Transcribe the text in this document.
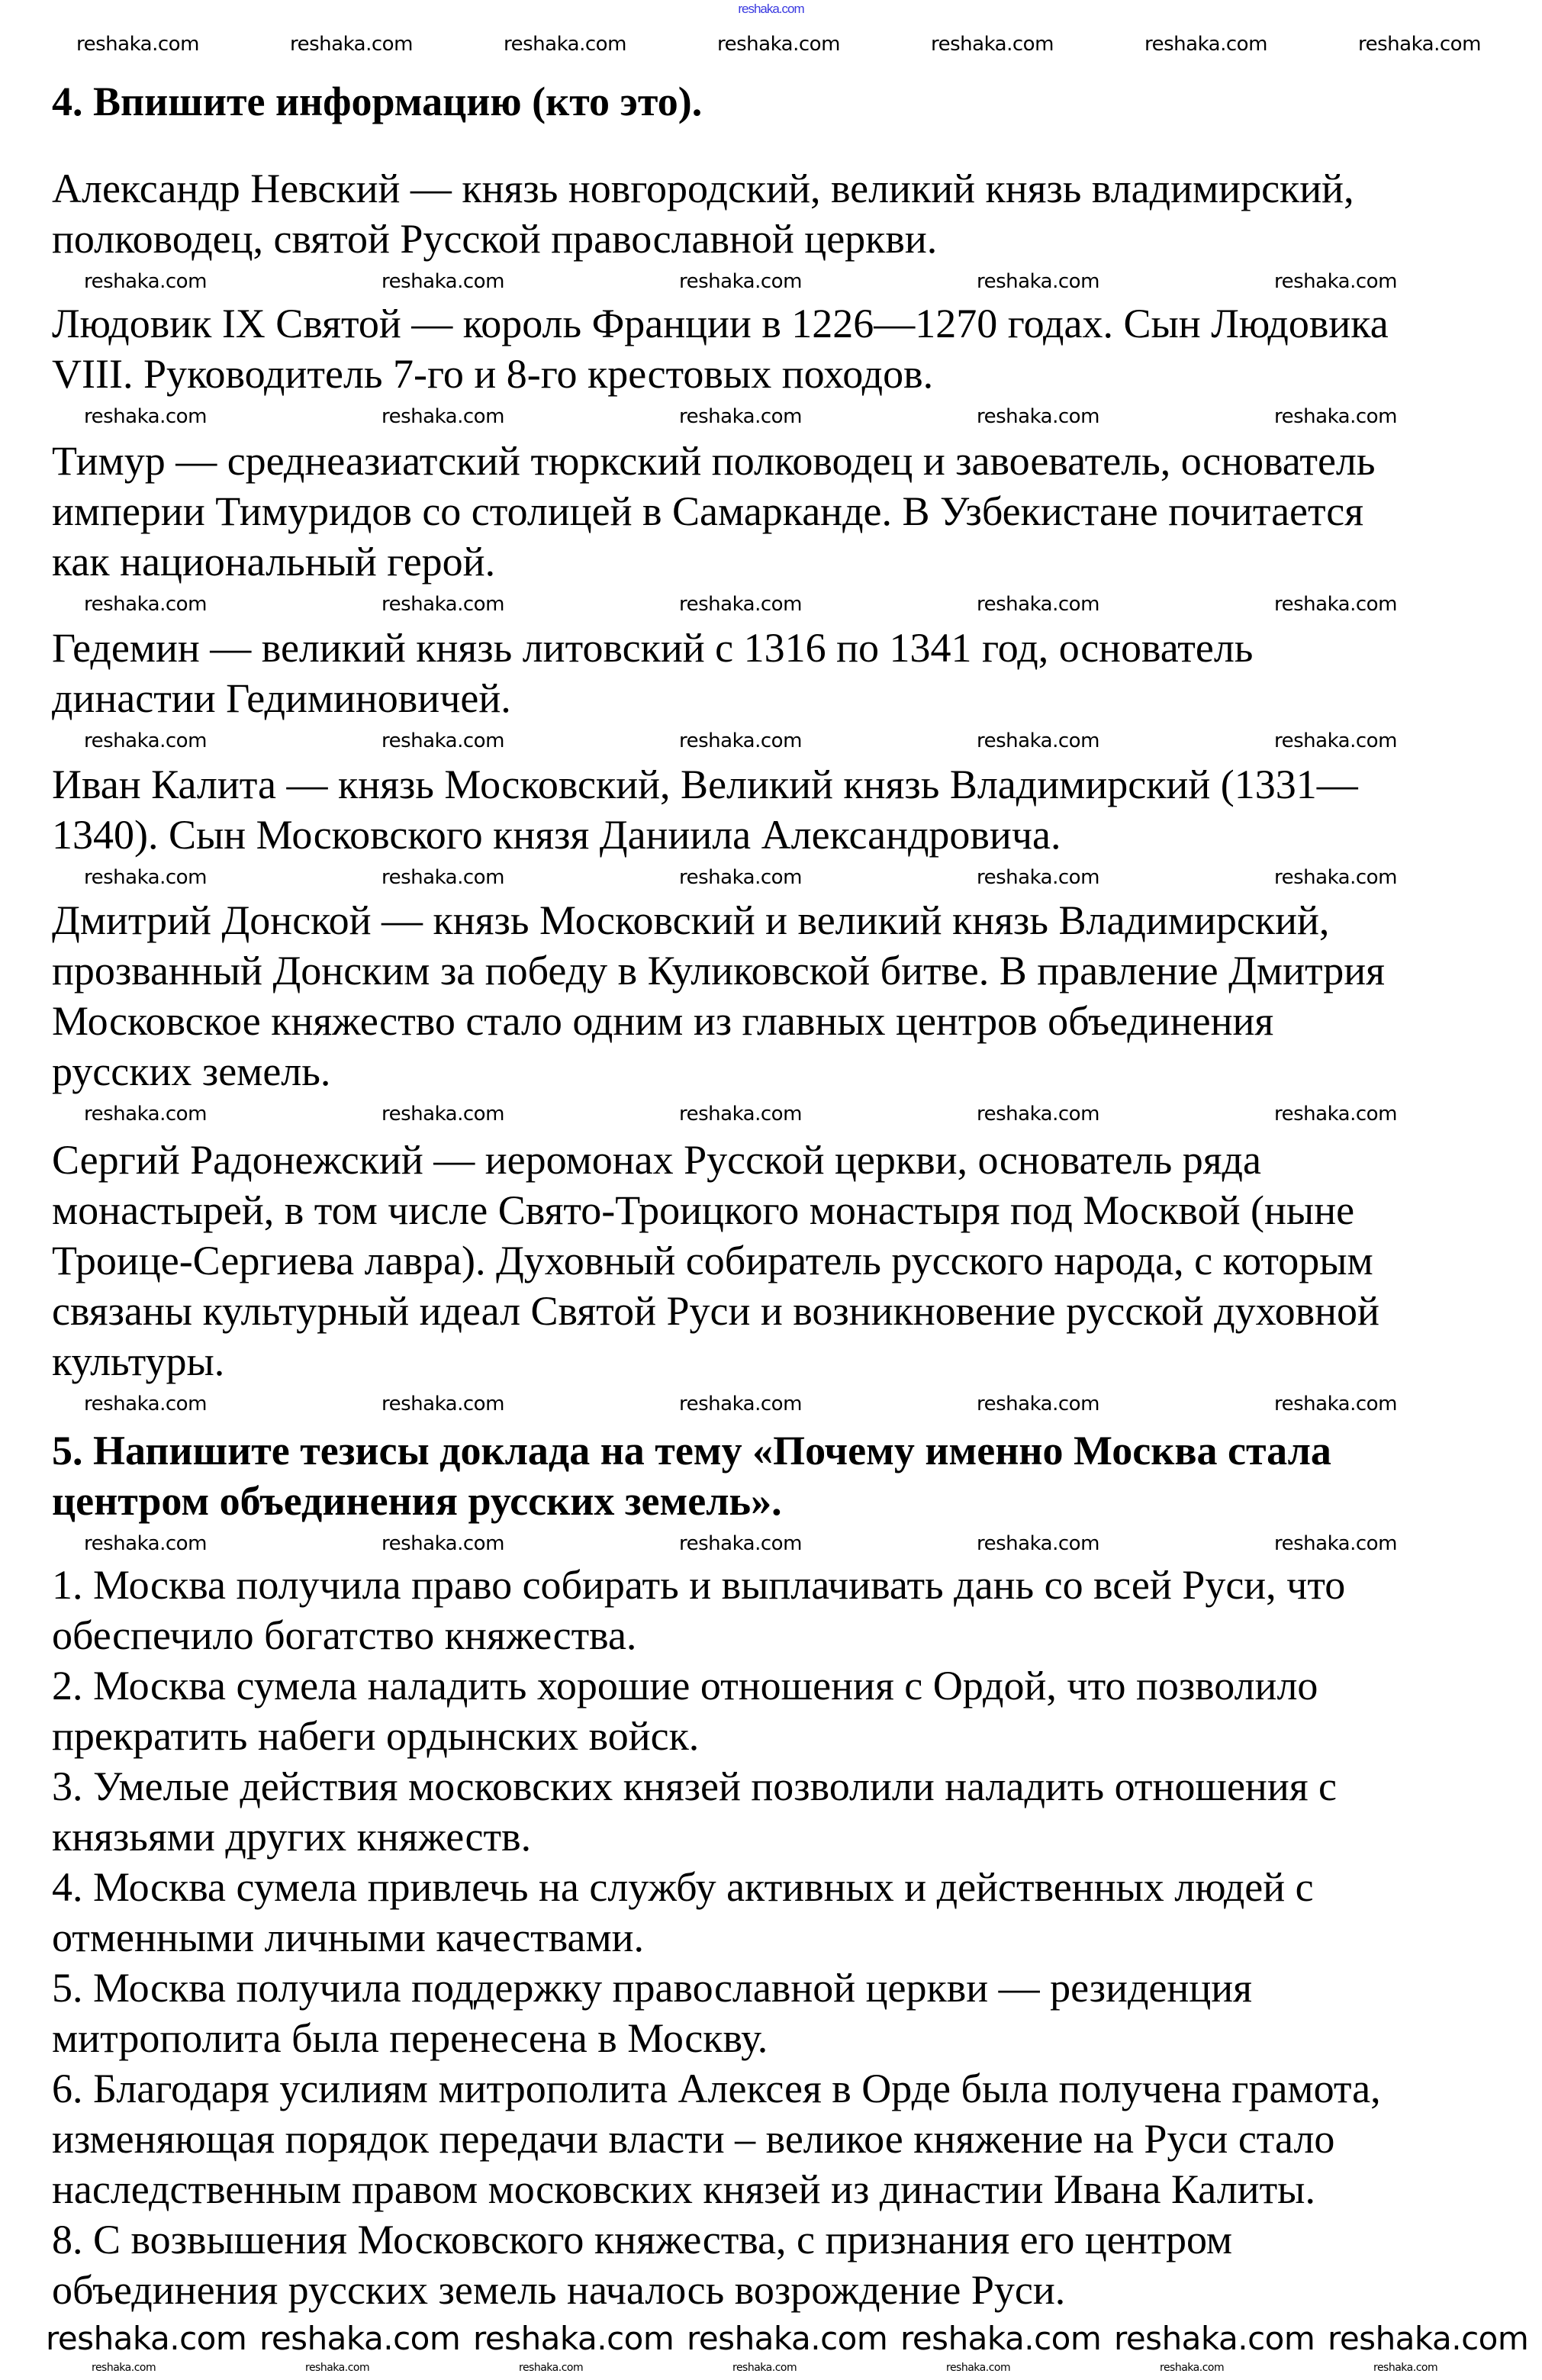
reshaka.com

4. Впишите информацию (кто это).

Александр Невский — князь новгородский, великий князь владимирский,
полководец, святой Русской православной церкви.

Людовик IX Святой — король Франции в 1226—1270 годах. Сын Людовика
VIII. Руководитель 7-го и 8-го крестовых походов.

Тимур — среднеазиатский тюркский полководец и завоеватель, основатель
империи Тимуридов со столицей в Самарканде. В Узбекистане почитается
как национальный герой.

Гедемин — великий князь литовский с 1316 по 1341 год, основатель
династии Гедиминовичей.

Иван Калита — князь Московский, Великий князь Владимирский (1331—
1340). Сын Московского князя Даниила Александровича.

Дмитрий Донской — князь Московский и великий князь Владимирский,
прозванный Донским за победу в Куликовской битве. В правление Дмитрия
Московское княжество стало одним из главных центров объединения
русских земель.

Сергий Радонежский — иеромонах Русской церкви, основатель ряда
монастырей, в том числе Свято-Троицкого монастыря под Москвой (ныне
Троице-Сергиева лавра). Духовный собиратель русского народа, с которым
связаны культурный идеал Святой Руси и возникновение русской духовной
культуры.

5. Напишите тезисы доклада на тему «Почему именно Москва стала
центром объединения русских земель».

1. Москва получила право собирать и выплачивать дань со всей Руси, что
обеспечило богатство княжества.

2. Москва сумела наладить хорошие отношения с Ордой, что позволило
прекратить набеги ордынских войск.

3. Умелые действия московских князей позволили наладить отношения с
князьями других княжеств.

4. Москва сумела привлечь на службу активных и действенных людей с
отменными личными качествами.

5. Москва получила поддержку православной церкви — резиденция
митрополита была перенесена в Москву.

6. Благодаря усилиям митрополита Алексея в Орде была получена грамота,
изменяющая порядок передачи власти – великое княжение на Руси стало
наследственным правом московских князей из династии Ивана Калиты.

8. С возвышения Московского княжества, с признания его центром
объединения русских земель началось возрождение Руси.

reshaka.com	reshaka.com	reshaka.com	reshaka.com	reshaka.com	reshaka.com	reshaka.com
reshaka.com	reshaka.com	reshaka.com	reshaka.com	reshaka.com
reshaka.com	reshaka.com	reshaka.com	reshaka.com	reshaka.com
reshaka.com	reshaka.com	reshaka.com	reshaka.com	reshaka.com
reshaka.com	reshaka.com	reshaka.com	reshaka.com	reshaka.com
reshaka.com	reshaka.com	reshaka.com	reshaka.com	reshaka.com
reshaka.com	reshaka.com	reshaka.com	reshaka.com	reshaka.com
reshaka.com	reshaka.com	reshaka.com	reshaka.com	reshaka.com
reshaka.com	reshaka.com	reshaka.com	reshaka.com	reshaka.com
reshaka.com reshaka.com reshaka.com reshaka.com reshaka.com reshaka.com reshaka.com
reshaka.com	reshaka.com	reshaka.com	reshaka.com	reshaka.com	reshaka.com	reshaka.com
